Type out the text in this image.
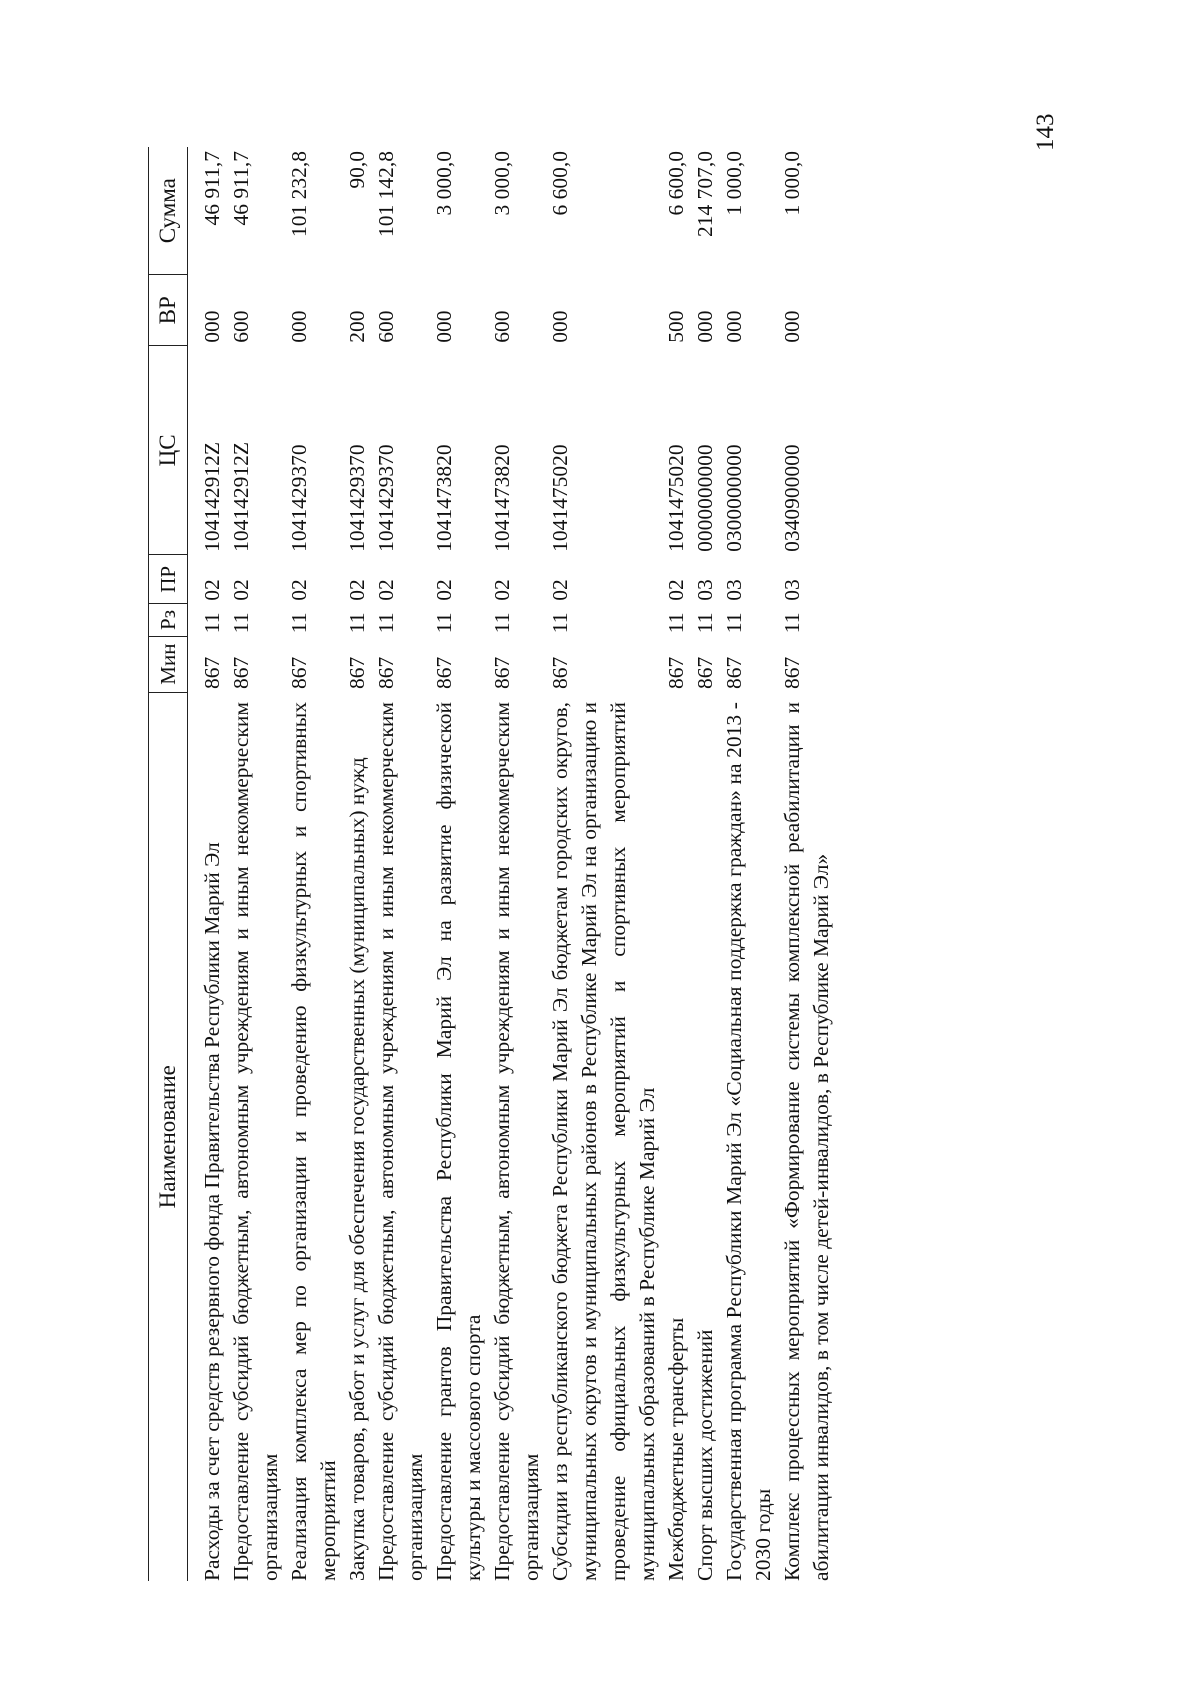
143
Наименование	Мин	Рз	ПР	ЦС	ВР	Сумма
Расходы за счет средств резервного фонда Правительства Республики Марий Эл	867	11	02	104142912Z	000	46 911,7
Предоставление субсидий бюджетным, автономным учреждениям и иным некоммерческим организациям	867	11	02	104142912Z	600	46 911,7
Реализация комплекса мер по организации и проведению физкультурных и спортивных мероприятий	867	11	02	1041429370	000	101 232,8
Закупка товаров, работ и услуг для обеспечения государственных (муниципальных) нужд	867	11	02	1041429370	200	90,0
Предоставление субсидий бюджетным, автономным учреждениям и иным некоммерческим организациям	867	11	02	1041429370	600	101 142,8
Предоставление грантов Правительства Республики Марий Эл на развитие физической культуры и массового спорта	867	11	02	1041473820	000	3 000,0
Предоставление субсидий бюджетным, автономным учреждениям и иным некоммерческим организациям	867	11	02	1041473820	600	3 000,0
Субсидии из республиканского бюджета Республики Марий Эл бюджетам городских округов, муниципальных округов и муниципальных районов в Республике Марий Эл на организацию и проведение официальных физкультурных мероприятий и спортивных мероприятий муниципальных образований в Республике Марий Эл	867	11	02	1041475020	000	6 600,0
Межбюджетные трансферты	867	11	02	1041475020	500	6 600,0
Спорт высших достижений	867	11	03	0000000000	000	214 707,0
Государственная программа Республики Марий Эл «Социальная поддержка граждан» на 2013 - 2030 годы	867	11	03	0300000000	000	1 000,0
Комплекс процессных мероприятий «Формирование системы комплексной реабилитации и абилитации инвалидов, в том числе детей-инвалидов, в Республике Марий Эл»	867	11	03	0340900000	000	1 000,0
